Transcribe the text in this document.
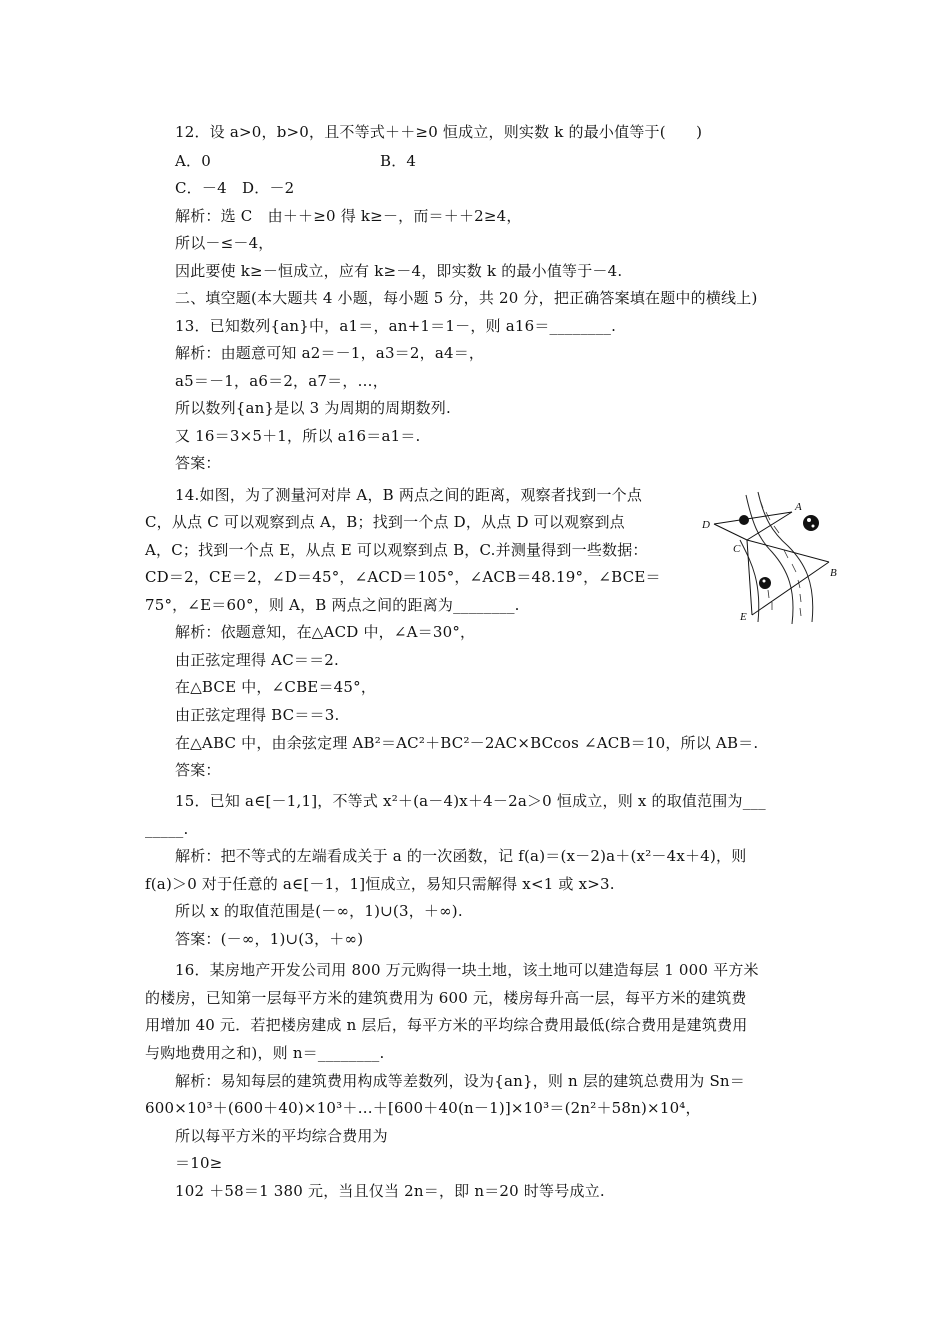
12．设 a>0，b>0，且不等式＋＋≥0 恒成立，则实数 k 的最小值等于(　　)
A．0	B．4
C．－4　D．－2
解析：选 C　由＋＋≥0 得 k≥－，而＝＋＋2≥4，
所以－≤－4，
因此要使 k≥－恒成立，应有 k≥－4，即实数 k 的最小值等于－4.
二、填空题(本大题共 4 小题，每小题 5 分，共 20 分，把正确答案填在题中的横线上)
13．已知数列{an}中，a1＝，an+1＝1－，则 a16＝________.
解析：由题意可知 a2＝－1，a3＝2，a4＝，
a5＝－1，a6＝2，a7＝，…，
所以数列{an}是以 3 为周期的周期数列.
又 16＝3×5＋1，所以 a16＝a1＝.
答案：
14.如图，为了测量河对岸 A，B 两点之间的距离，观察者找到一个点
C，从点 C 可以观察到点 A，B；找到一个点 D，从点 D 可以观察到点
A，C；找到一个点 E，从点 E 可以观察到点 B，C.并测量得到一些数据：
CD＝2，CE＝2，∠D＝45°，∠ACD＝105°，∠ACB＝48.19°，∠BCE＝
75°，∠E＝60°，则 A，B 两点之间的距离为________.
A
B
C
D
E
解析：依题意知，在△ACD 中，∠A＝30°，
由正弦定理得 AC＝＝2.
在△BCE 中，∠CBE＝45°，
由正弦定理得 BC＝＝3.
在△ABC 中，由余弦定理 AB²＝AC²＋BC²－2AC×BCcos ∠ACB＝10，所以 AB＝.
答案：
15．已知 a∈[－1,1]，不等式 x²＋(a－4)x＋4－2a＞0 恒成立，则 x 的取值范围为___
_____.
解析：把不等式的左端看成关于 a 的一次函数，记 f(a)＝(x－2)a＋(x²－4x＋4)，则
f(a)＞0 对于任意的 a∈[－1，1]恒成立，易知只需解得 x<1 或 x>3.
所以 x 的取值范围是(－∞，1)∪(3，＋∞).
答案：(－∞，1)∪(3，＋∞)
16．某房地产开发公司用 800 万元购得一块土地，该土地可以建造每层 1 000 平方米
的楼房，已知第一层每平方米的建筑费用为 600 元，楼房每升高一层，每平方米的建筑费
用增加 40 元．若把楼房建成 n 层后，每平方米的平均综合费用最低(综合费用是建筑费用
与购地费用之和)，则 n＝________.
解析：易知每层的建筑费用构成等差数列，设为{an}，则 n 层的建筑总费用为 Sn＝
600×10³＋(600＋40)×10³＋…＋[600＋40(n－1)]×10³＝(2n²＋58n)×10⁴，
所以每平方米的平均综合费用为
＝10≥
102 ＋58＝1 380 元，当且仅当 2n＝，即 n＝20 时等号成立.
